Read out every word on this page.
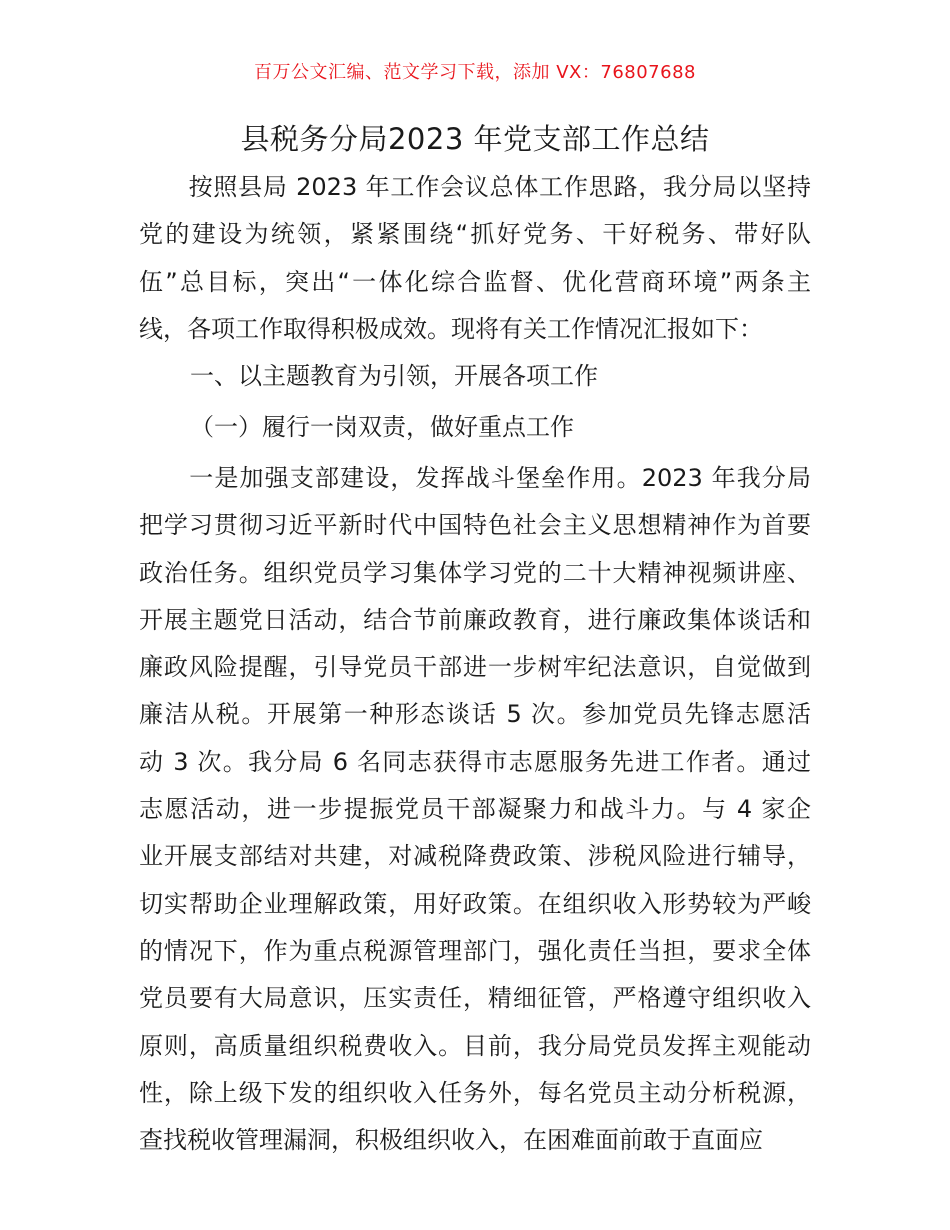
百万公文汇编、范文学习下载，添加 VX：76807688
县税务分局2023 年党支部工作总结
　　按照县局 2023 年工作会议总体工作思路，我分局以坚持
党的建设为统领，紧紧围绕“抓好党务、干好税务、带好队
伍”总目标，突出“一体化综合监督、优化营商环境”两条主
线，各项工作取得积极成效。现将有关工作情况汇报如下：
一、以主题教育为引领，开展各项工作
（一）履行一岗双责，做好重点工作
　　一是加强支部建设，发挥战斗堡垒作用。2023 年我分局
把学习贯彻习近平新时代中国特色社会主义思想精神作为首要
政治任务。组织党员学习集体学习党的二十大精神视频讲座、
开展主题党日活动，结合节前廉政教育，进行廉政集体谈话和
廉政风险提醒，引导党员干部进一步树牢纪法意识，自觉做到
廉洁从税。开展第一种形态谈话 5 次。参加党员先锋志愿活
动 3 次。我分局 6 名同志获得市志愿服务先进工作者。通过
志愿活动，进一步提振党员干部凝聚力和战斗力。与 4 家企
业开展支部结对共建，对减税降费政策、涉税风险进行辅导，
切实帮助企业理解政策，用好政策。在组织收入形势较为严峻
的情况下，作为重点税源管理部门，强化责任当担，要求全体
党员要有大局意识，压实责任，精细征管，严格遵守组织收入
原则，高质量组织税费收入。目前，我分局党员发挥主观能动
性，除上级下发的组织收入任务外，每名党员主动分析税源，
查找税收管理漏洞，积极组织收入，在困难面前敢于直面应
